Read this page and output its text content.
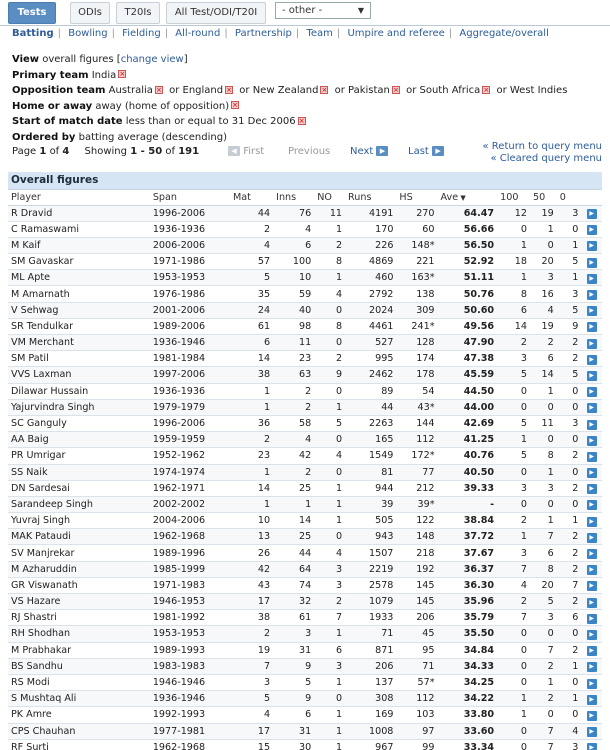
Tests	ODIs	T20Is	All Test/ODI/T20I	- other -	▼
Batting | Bowling | Fielding | All-round | Partnership | Team | Umpire and referee | Aggregate/overall
View overall figures [change view]
Primary team India ×
Opposition team Australia × or England × or New Zealand × or Pakistan × or South Africa × or West Indies
Home or away away (home of opposition) ×
Start of match date less than or equal to 31 Dec 2006 ×
Ordered by batting average (descending)
Page 1 of 4 Showing 1 - 50 of 191	◀ First Previous Next ▶	Last ▶	« Return to query menu
« Cleared query menu
Overall figures											
Player	Span	Mat	Inns	NO	Runs	HS	Ave ▼	100	50	0	
R Dravid	1996-2006	44	76	11	4191	270	64.47	12	19	3	▶
C Ramaswami	1936-1936	2	4	1	170	60	56.66	0	1	0	▶
M Kaif	2006-2006	4	6	2	226	148*	56.50	1	0	1	▶
SM Gavaskar	1971-1986	57	100	8	4869	221	52.92	18	20	5	▶
ML Apte	1953-1953	5	10	1	460	163*	51.11	1	3	1	▶
M Amarnath	1976-1986	35	59	4	2792	138	50.76	8	16	3	▶
V Sehwag	2001-2006	24	40	0	2024	309	50.60	6	4	5	▶
SR Tendulkar	1989-2006	61	98	8	4461	241*	49.56	14	19	9	▶
VM Merchant	1936-1946	6	11	0	527	128	47.90	2	2	2	▶
SM Patil	1981-1984	14	23	2	995	174	47.38	3	6	2	▶
VVS Laxman	1997-2006	38	63	9	2462	178	45.59	5	14	5	▶
Dilawar Hussain	1936-1936	1	2	0	89	54	44.50	0	1	0	▶
Yajurvindra Singh	1979-1979	1	2	1	44	43*	44.00	0	0	0	▶
SC Ganguly	1996-2006	36	58	5	2263	144	42.69	5	11	3	▶
AA Baig	1959-1959	2	4	0	165	112	41.25	1	0	0	▶
PR Umrigar	1952-1962	23	42	4	1549	172*	40.76	5	8	2	▶
SS Naik	1974-1974	1	2	0	81	77	40.50	0	1	0	▶
DN Sardesai	1962-1971	14	25	1	944	212	39.33	3	3	2	▶
Sarandeep Singh	2002-2002	1	1	1	39	39*	-	0	0	0	▶
Yuvraj Singh	2004-2006	10	14	1	505	122	38.84	2	1	1	▶
MAK Pataudi	1962-1968	13	25	0	943	148	37.72	1	7	2	▶
SV Manjrekar	1989-1996	26	44	4	1507	218	37.67	3	6	2	▶
M Azharuddin	1985-1999	42	64	3	2219	192	36.37	7	8	2	▶
GR Viswanath	1971-1983	43	74	3	2578	145	36.30	4	20	7	▶
VS Hazare	1946-1953	17	32	2	1079	145	35.96	2	5	2	▶
RJ Shastri	1981-1992	38	61	7	1933	206	35.79	7	3	6	▶
RH Shodhan	1953-1953	2	3	1	71	45	35.50	0	0	0	▶
M Prabhakar	1989-1993	19	31	6	871	95	34.84	0	7	2	▶
BS Sandhu	1983-1983	7	9	3	206	71	34.33	0	2	1	▶
RS Modi	1946-1946	3	5	1	137	57*	34.25	0	1	0	▶
S Mushtaq Ali	1936-1946	5	9	0	308	112	34.22	1	2	1	▶
PK Amre	1992-1993	4	6	1	169	103	33.80	1	0	0	▶
CPS Chauhan	1977-1981	17	31	1	1008	97	33.60	0	7	4	▶
RF Surti	1962-1968	15	30	1	967	99	33.34	0	7	3	▶
